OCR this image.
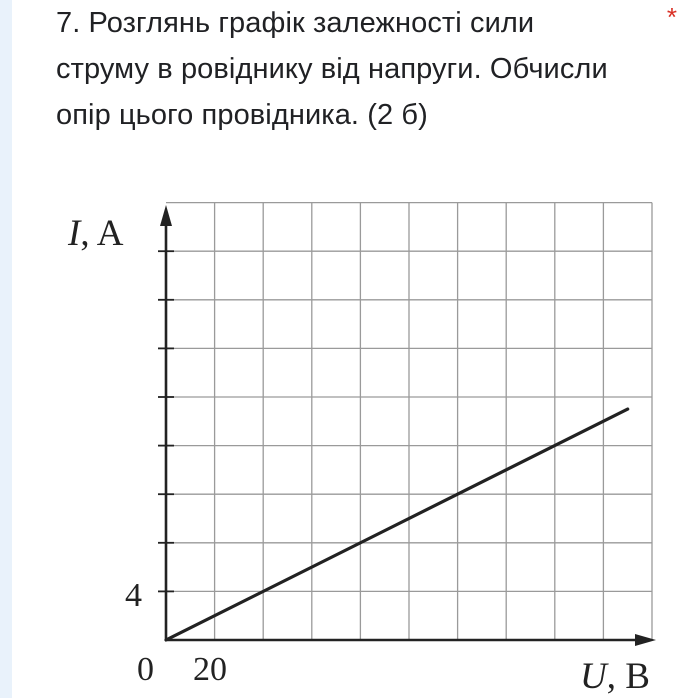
7. Розглянь графік залежності сили
струму в ровіднику від напруги. Обчисли
опір цього провідника. (2 б)
*
I, A
U, B
0 20
4
